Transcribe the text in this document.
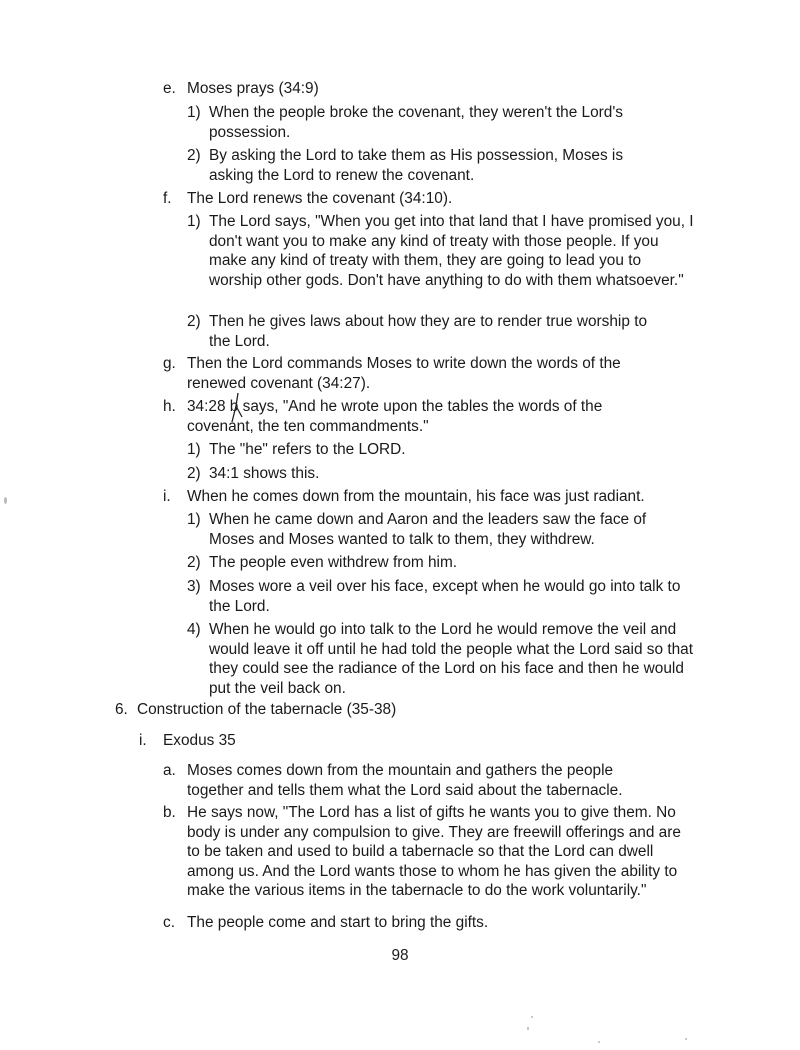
e. Moses prays (34:9)
1) When the people broke the covenant, they weren't the Lord's possession.
2) By asking the Lord to take them as His possession, Moses is asking the Lord to renew the covenant.
f. The Lord renews the covenant (34:10).
1) The Lord says, "When you get into that land that I have promised you, I don't want you to make any kind of treaty with those people. If you make any kind of treaty with them, they are going to lead you to worship other gods. Don't have anything to do with them whatsoever."
2) Then he gives laws about how they are to render true worship to the Lord.
g. Then the Lord commands Moses to write down the words of the renewed covenant (34:27).
h. 34:28 b says, "And he wrote upon the tables the words of the covenant, the ten commandments."
1) The "he" refers to the LORD.
2) 34:1 shows this.
i. When he comes down from the mountain, his face was just radiant.
1) When he came down and Aaron and the leaders saw the face of Moses and Moses wanted to talk to them, they withdrew.
2) The people even withdrew from him.
3) Moses wore a veil over his face, except when he would go into talk to the Lord.
4) When he would go into talk to the Lord he would remove the veil and would leave it off until he had told the people what the Lord said so that they could see the radiance of the Lord on his face and then he would put the veil back on.
6. Construction of the tabernacle (35-38)
i. Exodus 35
a. Moses comes down from the mountain and gathers the people together and tells them what the Lord said about the tabernacle.
b. He says now, "The Lord has a list of gifts he wants you to give them. No body is under any compulsion to give. They are freewill offerings and are to be taken and used to build a tabernacle so that the Lord can dwell among us. And the Lord wants those to whom he has given the ability to make the various items in the tabernacle to do the work voluntarily."
c. The people come and start to bring the gifts.
98
